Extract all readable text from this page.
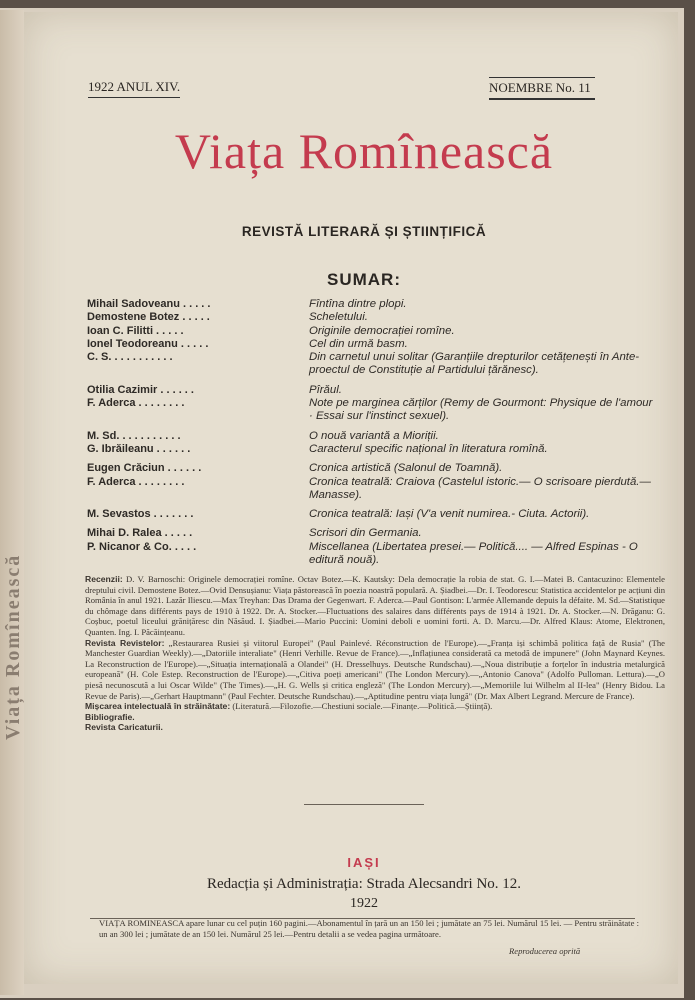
Viața Romînească
1922 ANUL XIV.	NOEMBRE No. 11
Viața Romînească
REVISTĂ LITERARĂ ȘI ȘTIINȚIFICĂ
SUMAR:
Mihail Sadoveanu . . . . .	Fîntîna dintre plopi.
Demostene Botez . . . . .	Scheletului.
Ioan C. Filitti . . . . .	Originile democrației romîne.
Ionel Teodoreanu . . . . .	Cel din urmă basm.
C. S. . . . . . . . . . .	Din carnetul unui solitar (Garanțiile drepturilor cetățenești în Ante-proectul de Constituție al Partidului țărănesc).
Otilia Cazimir . . . . . .	Pîrăul.
F. Aderca . . . . . . . .	Note pe marginea cărților (Remy de Gourmont: Physique de l'amour · Essai sur l'instinct sexuel).
M. Sd. . . . . . . . . . .	O nouă variantă a Mioriții.
G. Ibrăileanu . . . . . .	Caracterul specific național în literatura romînă.
Eugen Crăciun . . . . . .	Cronica artistică (Salonul de Toamnă).
F. Aderca . . . . . . . .	Cronica teatrală: Craiova (Castelul istoric.— O scrisoare pierdută.—Manasse).
M. Sevastos . . . . . . .	Cronica teatrală: Iași (V'a venit numirea.- Ciuta. Actorii).
Mihai D. Ralea . . . . .	Scrisori din Germania.
P. Nicanor & Co. . . . .	Miscellanea (Libertatea presei.— Politică.... — Alfred Espinas - O editură nouă).

Recenzii: D. V. Barnoschi: Originele democrației romîne. Octav Botez.—K. Kautsky: Dela democrație la robia de stat. G. I.—Matei B. Cantacuzino: Elementele dreptului civil. Demostene Botez.—Ovid Densușianu: Viața păstorească în poezia noastră populară. A. Șiadbei.—Dr. I. Teodorescu: Statistica accidentelor pe acțiuni din România în anul 1921. Lazăr Iliescu.—Max Treyhan: Das Drama der Gegenwart. F. Aderca.—Paul Gontison: L'armée Allemande depuis la défaite. M. Sd.—Statistique du chômage dans différents pays de 1910 à 1922. Dr. A. Stocker.—Fluctuations des salaires dans différents pays de 1914 à 1921. Dr. A. Stocker.—N. Drăganu: G. Coșbuc, poetul liceului grănițăresc din Năsăud. I. Șiadbei.—Mario Puccini: Uomini deboli e uomini forti. A. D. Marcu.—Dr. Alfred Klaus: Atome, Elektronen, Quanten. Ing. I. Păcăințeanu.

Revista Revistelor: „Restaurarea Rusiei și viitorul Europei" (Paul Painlevé. Réconstruction de l'Europe).—„Franța iși schimbă politica față de Rusia" (The Manchester Guardian Weekly).—„Datoriile interaliate" (Henri Verhille. Revue de France).—„Inflațiunea considerată ca metodă de impunere" (John Maynard Keynes. La Reconstruction de l'Europe).—„Situația internațională a Olandei" (H. Dresselhuys. Deutsche Rundschau).—„Noua distribuție a forțelor în industria metalurgică europeană" (H. Cole Estep. Reconstruction de l'Europe).—„Citiva poeți americani" (The London Mercury).—„Antonio Canova" (Adolfo Pulloman. Lettura).—„O piesă necunoscută a lui Oscar Wilde" (The Times).—„H. G. Wells și critica engleză" (The London Mercury).—„Memoriile lui Wilhelm al II-lea" (Henry Bidou. La Revue de Paris).—„Gerhart Hauptmann" (Paul Fechter. Deutsche Rundschau).—„Aptitudine pentru viața lungă" (Dr. Max Albert Legrand. Mercure de France).

Mișcarea intelectuală în străinătate: (Literatură.—Filozofie.—Chestiuni sociale.—Finanțe.—Politică.—Știință).

Bibliografie.

Revista Caricaturii.

IAȘI
Redacția și Administrația: Strada Alecsandri No. 12.
1922
VIAȚA ROMINEASCA apare lunar cu cel puțin 160 pagini.—Abonamentul în țară un an 150 lei ; jumătate an 75 lei. Numărul 15 lei. — Pentru străinătate : un an 300 lei ; jumătate de an 150 lei. Numărul 25 lei.—Pentru detalii a se vedea pagina următoare.
Reproducerea oprită
